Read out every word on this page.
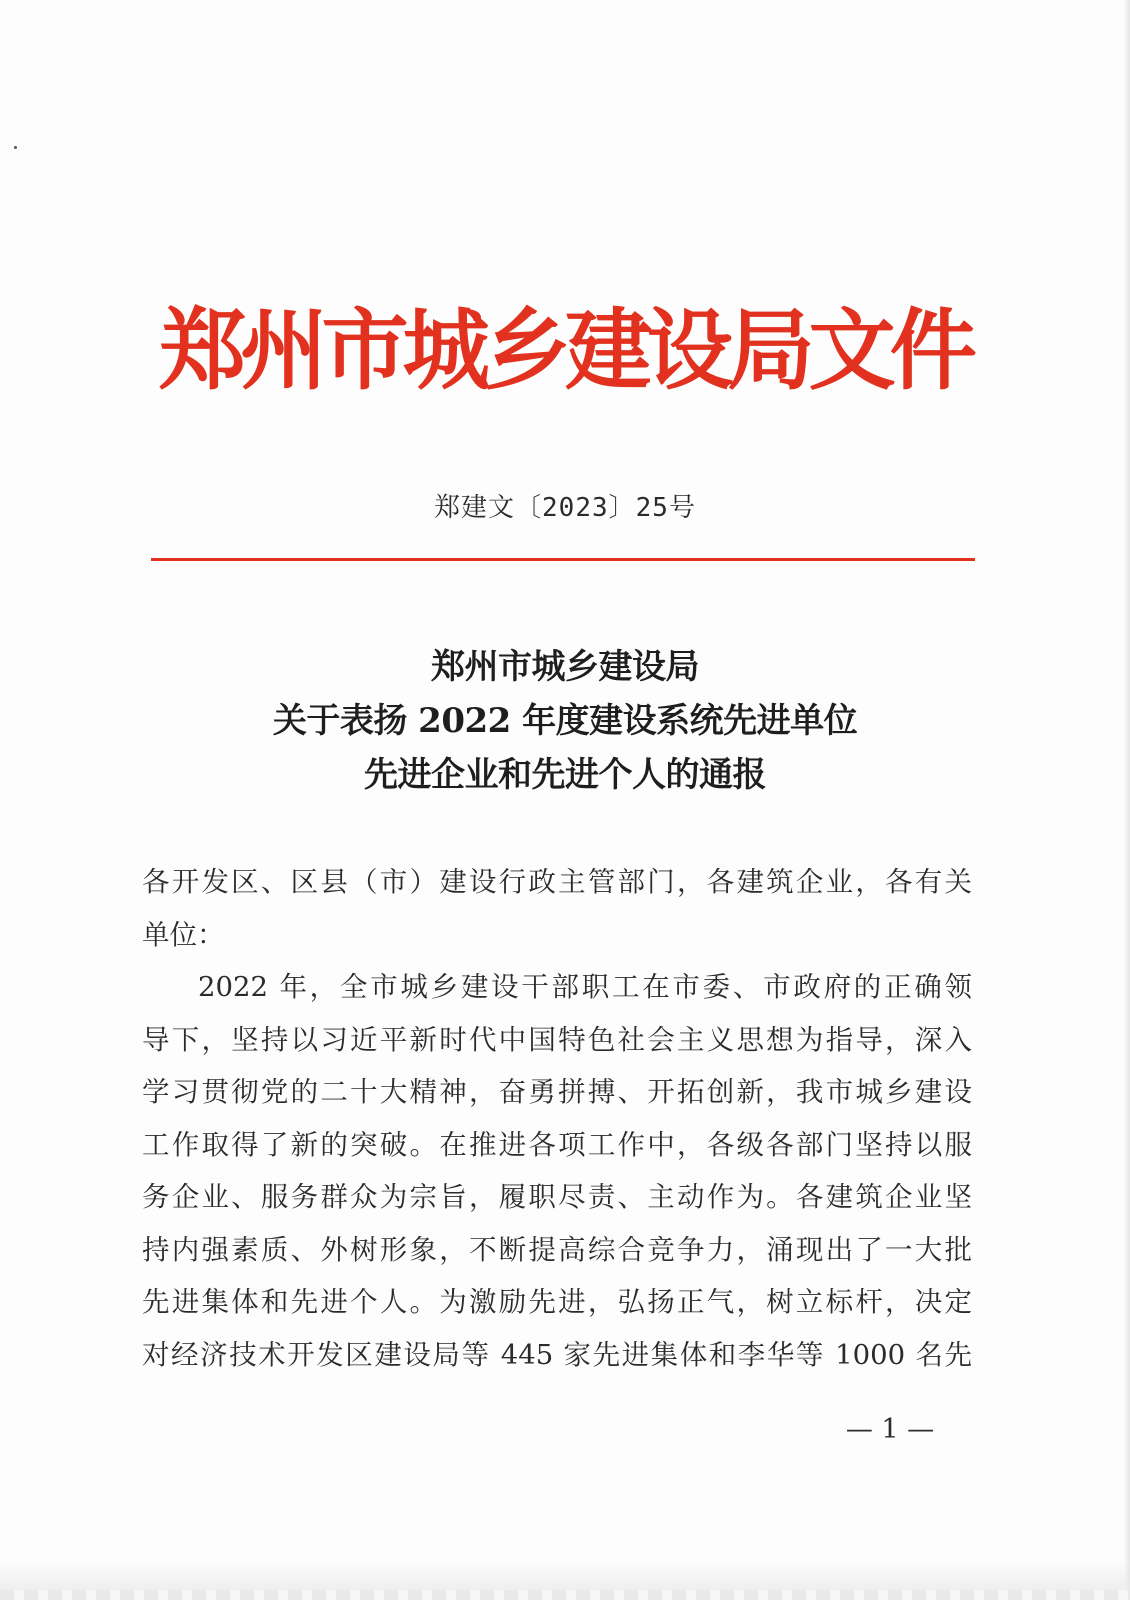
郑州市城乡建设局文件
郑建文〔2023〕25号
郑州市城乡建设局
关于表扬 2022 年度建设系统先进单位
先进企业和先进个人的通报
各开发区、区县（市）建设行政主管部门，各建筑企业，各有关
单位：
2022 年，全市城乡建设干部职工在市委、市政府的正确领
导下，坚持以习近平新时代中国特色社会主义思想为指导，深入
学习贯彻党的二十大精神，奋勇拼搏、开拓创新，我市城乡建设
工作取得了新的突破。在推进各项工作中，各级各部门坚持以服
务企业、服务群众为宗旨，履职尽责、主动作为。各建筑企业坚
持内强素质、外树形象，不断提高综合竞争力，涌现出了一大批
先进集体和先进个人。为激励先进，弘扬正气，树立标杆，决定
对经济技术开发区建设局等 445 家先进集体和李华等 1000 名先
— 1 —
